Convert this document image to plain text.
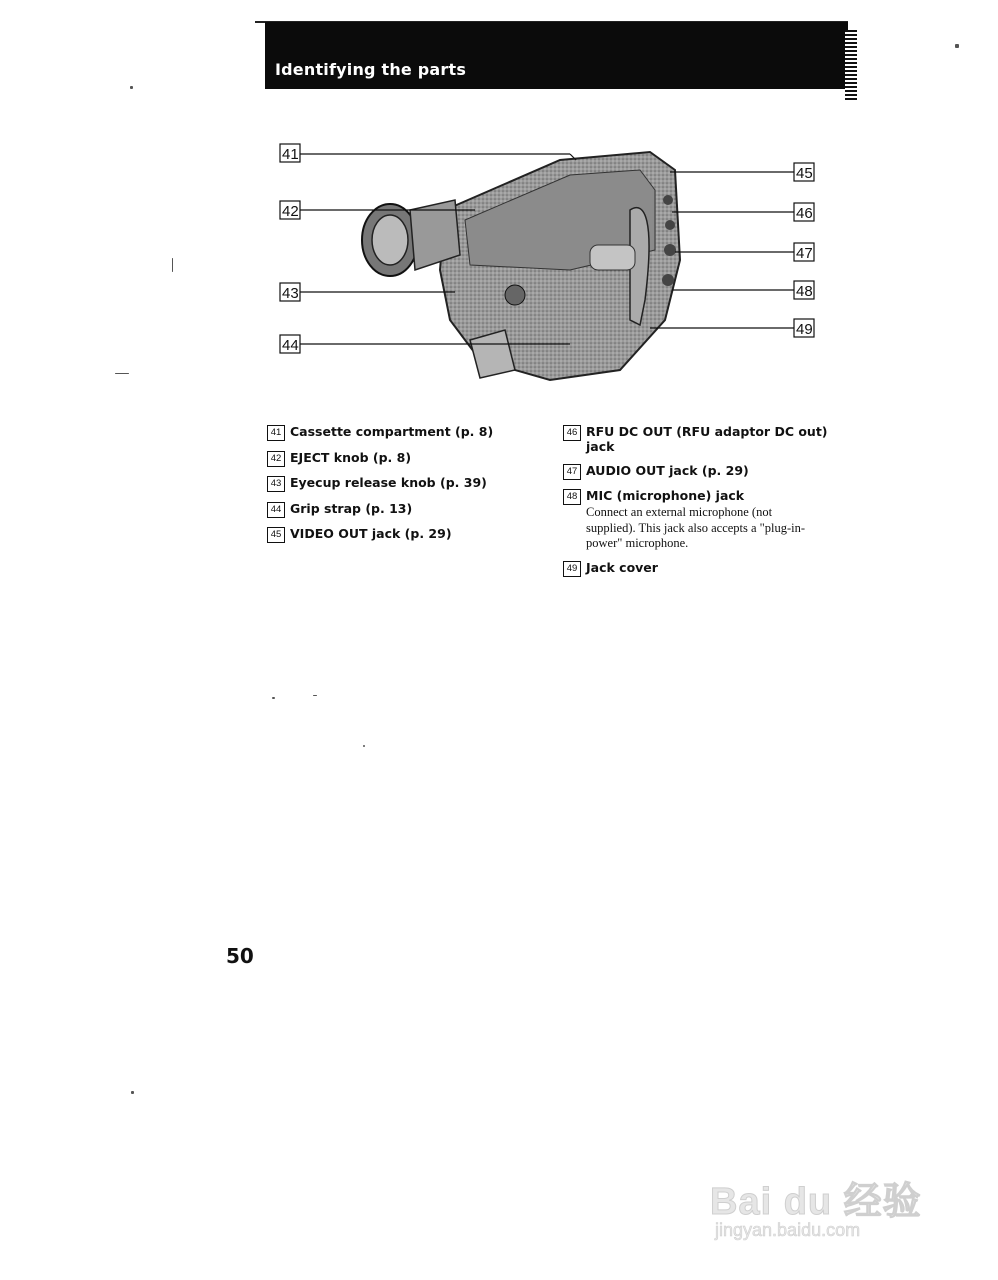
Identifying the parts
41
42
43
44
45
46
47
48
49
41 Cassette compartment (p. 8)
42 EJECT knob (p. 8)
43 Eyecup release knob (p. 39)
44 Grip strap (p. 13)
45 VIDEO OUT jack (p. 29)
46 RFU DC OUT (RFU adaptor DC out) jack
47 AUDIO OUT jack (p. 29)
48 MIC (microphone) jack
Connect an external microphone (not supplied). This jack also accepts a "plug-in-power" microphone.
49 Jack cover
50
Bai du 经验
jingyan.baidu.com
